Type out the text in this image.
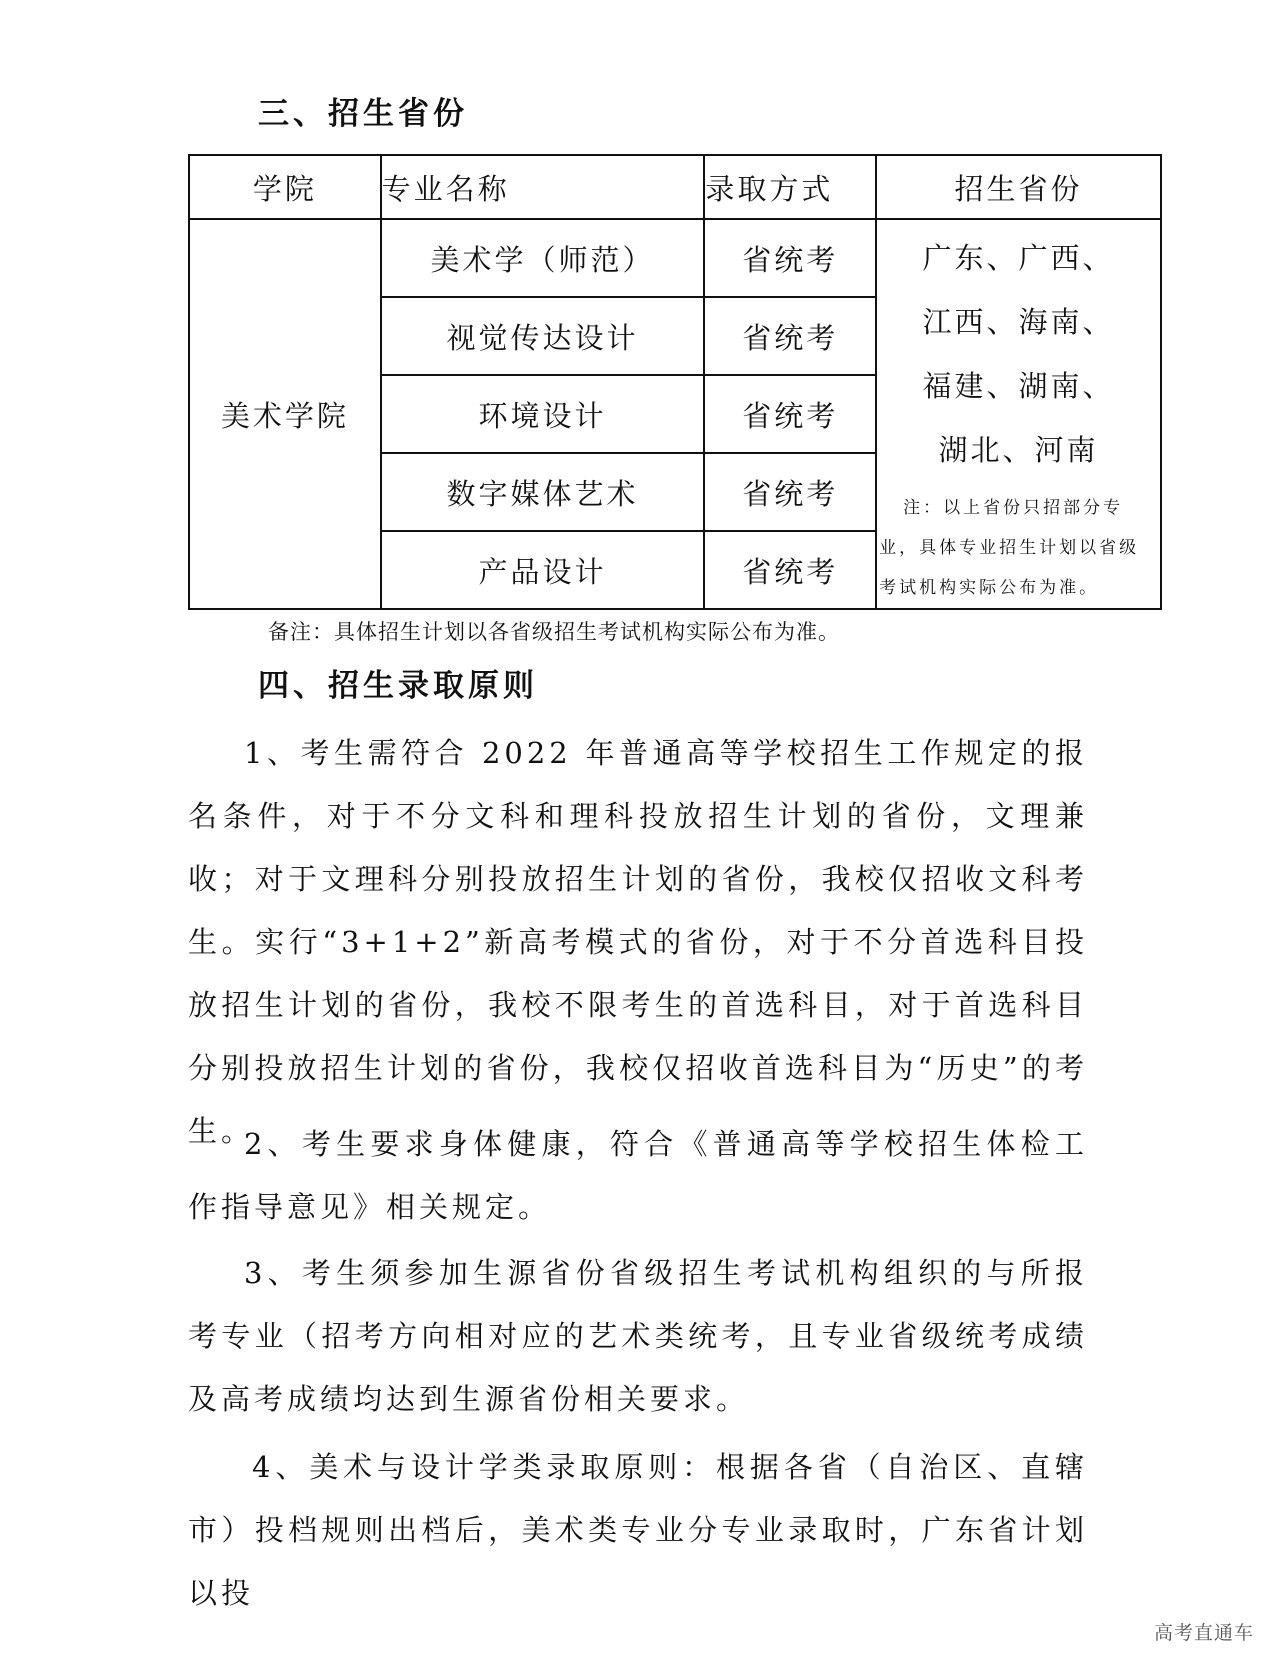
三、招生省份
学院	专业名称	录取方式	招生省份
美术学院	美术学（师范）	省统考	广东、广西、
江西、海南、
福建、湖南、
湖北、河南
注：以上省份只招部分专业，具体专业招生计划以省级考试机构实际公布为准。

	视觉传达设计	省统考	
	环境设计	省统考	
	数字媒体艺术	省统考	
	产品设计	省统考	
备注：具体招生计划以各省级招生考试机构实际公布为准。
四、招生录取原则
1、考生需符合 2022 年普通高等学校招生工作规定的报名条件，对于不分文科和理科投放招生计划的省份，文理兼收；对于文理科分别投放招生计划的省份，我校仅招收文科考生。实行“3+1+2”新高考模式的省份，对于不分首选科目投放招生计划的省份，我校不限考生的首选科目，对于首选科目分别投放招生计划的省份，我校仅招收首选科目为“历史”的考生。
2、考生要求身体健康，符合《普通高等学校招生体检工作指导意见》相关规定。
3、考生须参加生源省份省级招生考试机构组织的与所报考专业（招考方向相对应的艺术类统考，且专业省级统考成绩及高考成绩均达到生源省份相关要求。
4、美术与设计学类录取原则：根据各省（自治区、直辖市）投档规则出档后，美术类专业分专业录取时，广东省计划以投
高考直通车
